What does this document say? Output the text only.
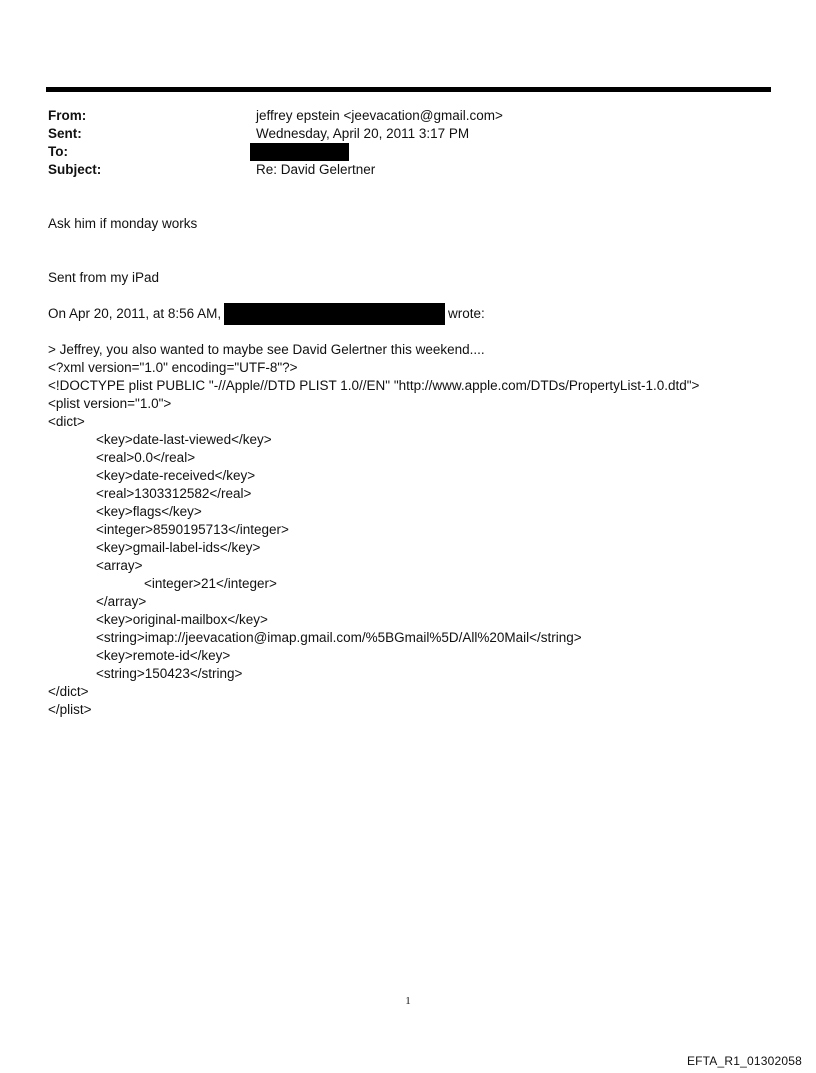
From:	jeffrey epstein <jeevacation@gmail.com>
Sent:	Wednesday, April 20, 2011 3:17 PM
To:
Subject:	Re: David Gelertner
Ask him if monday works
Sent from my iPad
On Apr 20, 2011, at 8:56 AM,	wrote:
> Jeffrey, you also wanted to maybe see David Gelertner this weekend....
<?xml version="1.0" encoding="UTF-8"?>
<!DOCTYPE plist PUBLIC "-//Apple//DTD PLIST 1.0//EN" "http://www.apple.com/DTDs/PropertyList-1.0.dtd">
<plist version="1.0">
<dict>
<key>date-last-viewed</key>
<real>0.0</real>
<key>date-received</key>
<real>1303312582</real>
<key>flags</key>
<integer>8590195713</integer>
<key>gmail-label-ids</key>
<array>
<integer>21</integer>
</array>
<key>original-mailbox</key>
<string>imap://jeevacation@imap.gmail.com/%5BGmail%5D/All%20Mail</string>
<key>remote-id</key>
<string>150423</string>
</dict>
</plist>
1
EFTA_R1_01302058
